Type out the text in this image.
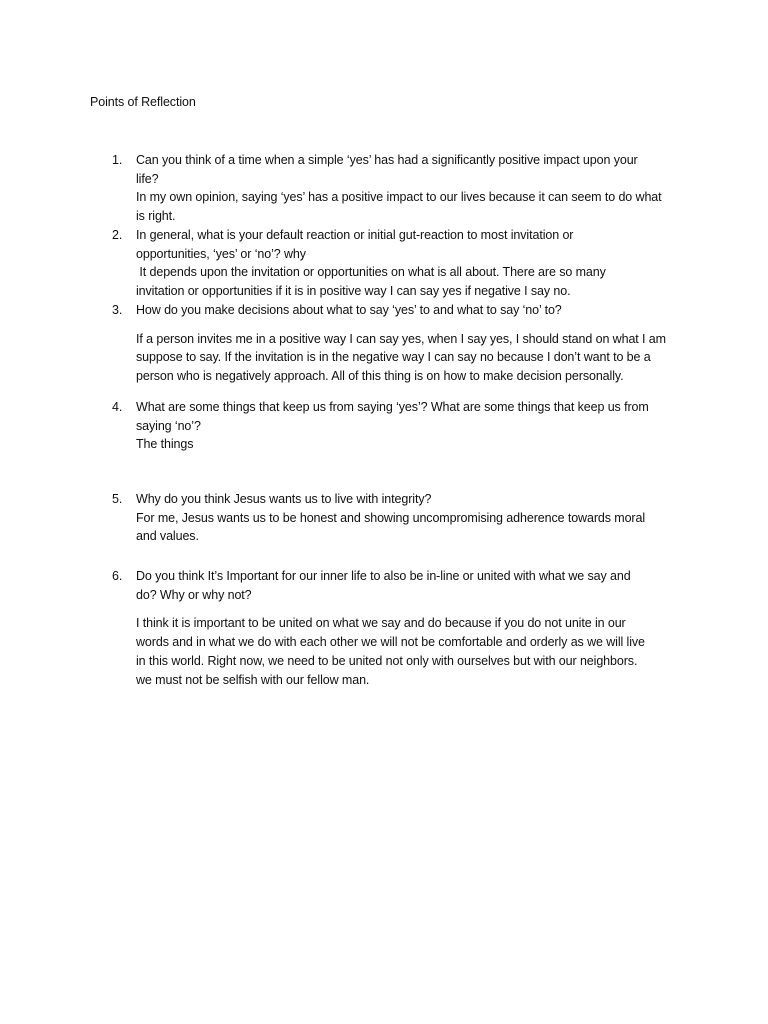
Points of Reflection
1.	Can you think of a time when a simple ‘yes’ has had a significantly positive impact upon your
life?
In my own opinion, saying ‘yes’ has a positive impact to our lives because it can seem to do what
is right.
2.	In general, what is your default reaction or initial gut-reaction to most invitation or
opportunities, ‘yes’ or ‘no’? why
It depends upon the invitation or opportunities on what is all about. There are so many
invitation or opportunities if it is in positive way I can say yes if negative I say no.
3.	How do you make decisions about what to say ‘yes’ to and what to say ‘no’ to?
If a person invites me in a positive way I can say yes, when I say yes, I should stand on what I am
suppose to say. If the invitation is in the negative way I can say no because I don’t want to be a
person who is negatively approach. All of this thing is on how to make decision personally.
4.	What are some things that keep us from saying ‘yes’? What are some things that keep us from
saying ‘no’?
The things
5.	Why do you think Jesus wants us to live with integrity?
For me, Jesus wants us to be honest and showing uncompromising adherence towards moral
and values.
6.	Do you think It’s Important for our inner life to also be in-line or united with what we say and
do? Why or why not?
I think it is important to be united on what we say and do because if you do not unite in our
words and in what we do with each other we will not be comfortable and orderly as we will live
in this world. Right now, we need to be united not only with ourselves but with our neighbors.
we must not be selfish with our fellow man.
